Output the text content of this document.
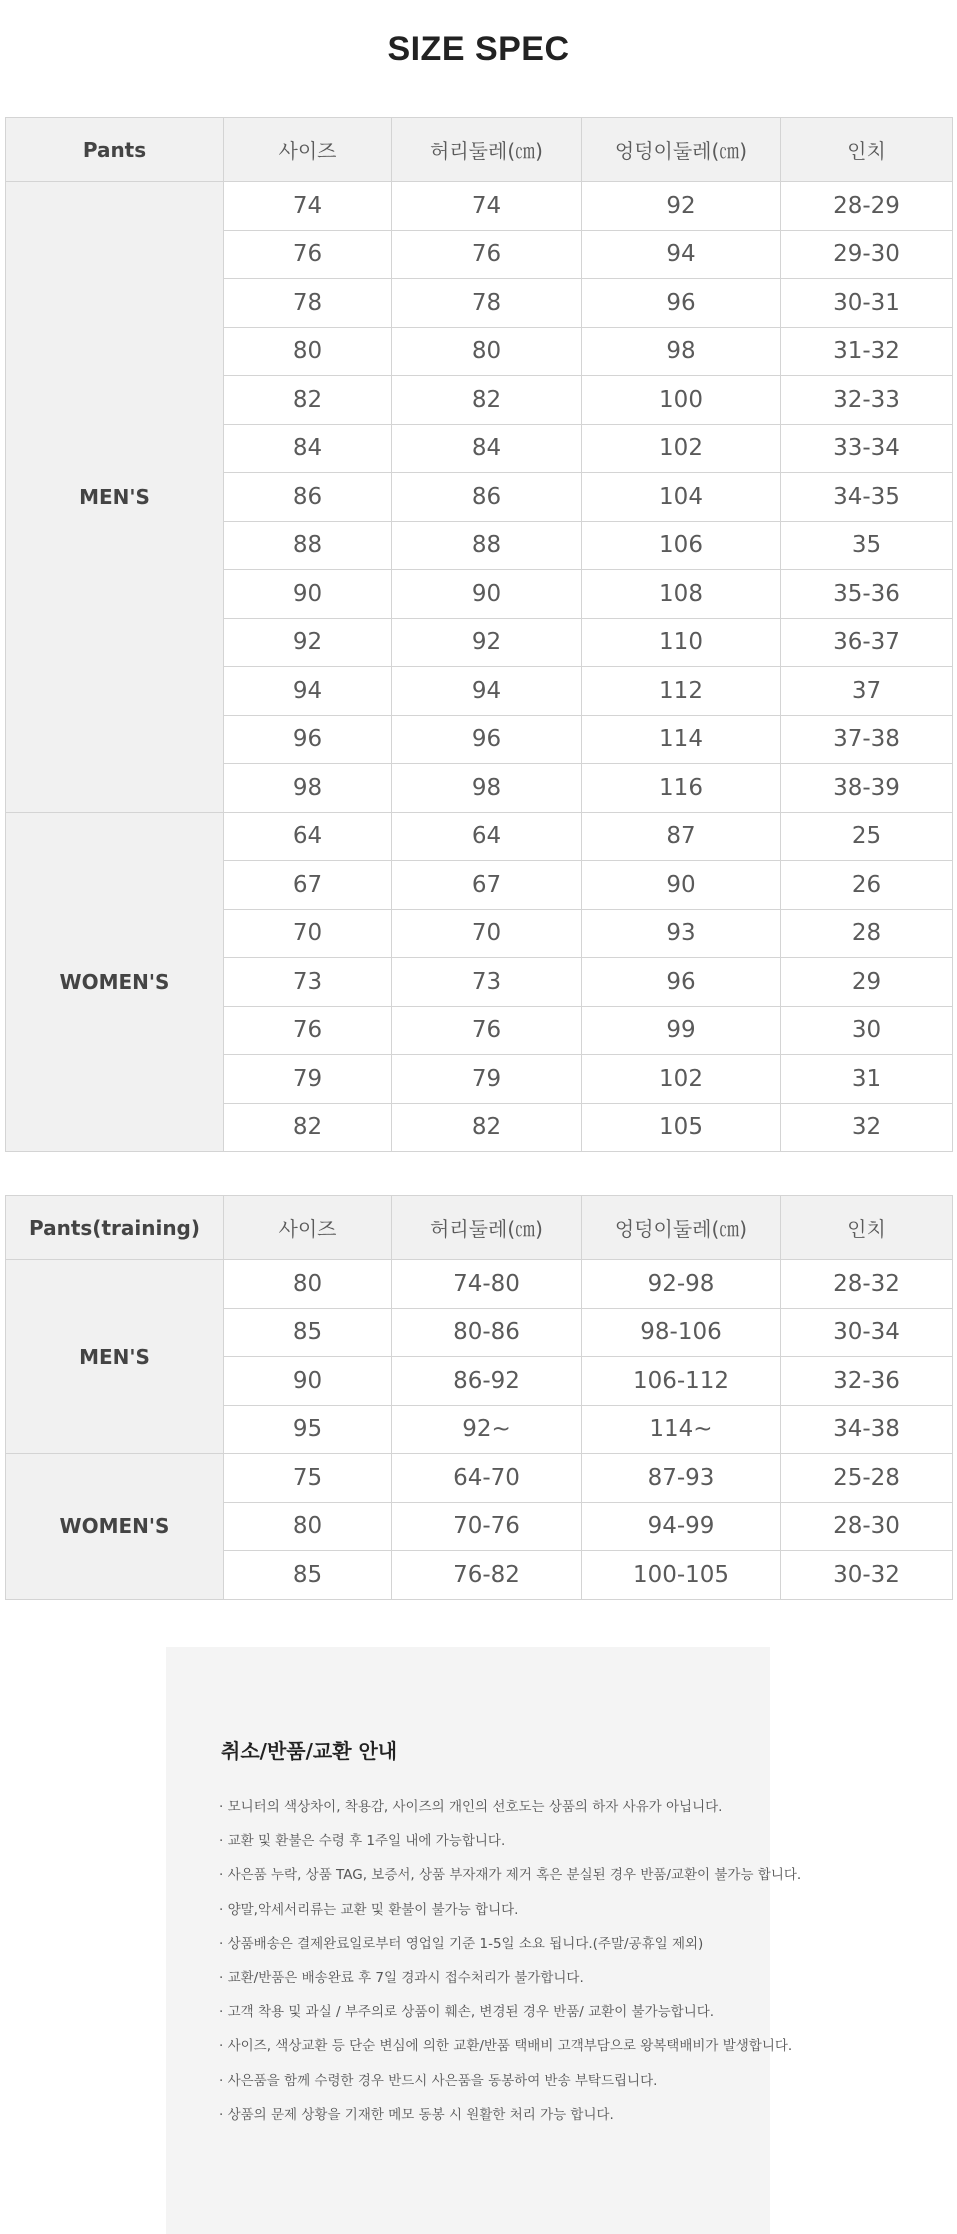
SIZE SPEC
Pants	사이즈	허리둘레(㎝)	엉덩이둘레(㎝)	인치
MEN'S	74	74	92	28-29
	76	76	94	29-30
	78	78	96	30-31
	80	80	98	31-32
	82	82	100	32-33
	84	84	102	33-34
	86	86	104	34-35
	88	88	106	35
	90	90	108	35-36
	92	92	110	36-37
	94	94	112	37
	96	96	114	37-38
	98	98	116	38-39
WOMEN'S	64	64	87	25
	67	67	90	26
	70	70	93	28
	73	73	96	29
	76	76	99	30
	79	79	102	31
	82	82	105	32
Pants(training)	사이즈	허리둘레(㎝)	엉덩이둘레(㎝)	인치
MEN'S	80	74-80	92-98	28-32
	85	80-86	98-106	30-34
	90	86-92	106-112	32-36
	95	92~	114~	34-38
WOMEN'S	75	64-70	87-93	25-28
	80	70-76	94-99	28-30
	85	76-82	100-105	30-32
취소/반품/교환 안내
· 모니터의 색상차이, 착용감, 사이즈의 개인의 선호도는 상품의 하자 사유가 아닙니다.
· 교환 및 환불은 수령 후 1주일 내에 가능합니다.
· 사은품 누락, 상품 TAG, 보증서, 상품 부자재가 제거 혹은 분실된 경우 반품/교환이 불가능 합니다.
· 양말,악세서리류는 교환 및 환불이 불가능 합니다.
· 상품배송은 결제완료일로부터 영업일 기준 1-5일 소요 됩니다.(주말/공휴일 제외)
· 교환/반품은 배송완료 후 7일 경과시 접수처리가 불가합니다.
· 고객 착용 및 과실 / 부주의로 상품이 훼손, 변경된 경우 반품/ 교환이 불가능합니다.
· 사이즈, 색상교환 등 단순 변심에 의한 교환/반품 택배비 고객부담으로 왕복택배비가 발생합니다.
· 사은품을 함께 수령한 경우 반드시 사은품을 동봉하여 반송 부탁드립니다.
· 상품의 문제 상황을 기재한 메모 동봉 시 원활한 처리 가능 합니다.
